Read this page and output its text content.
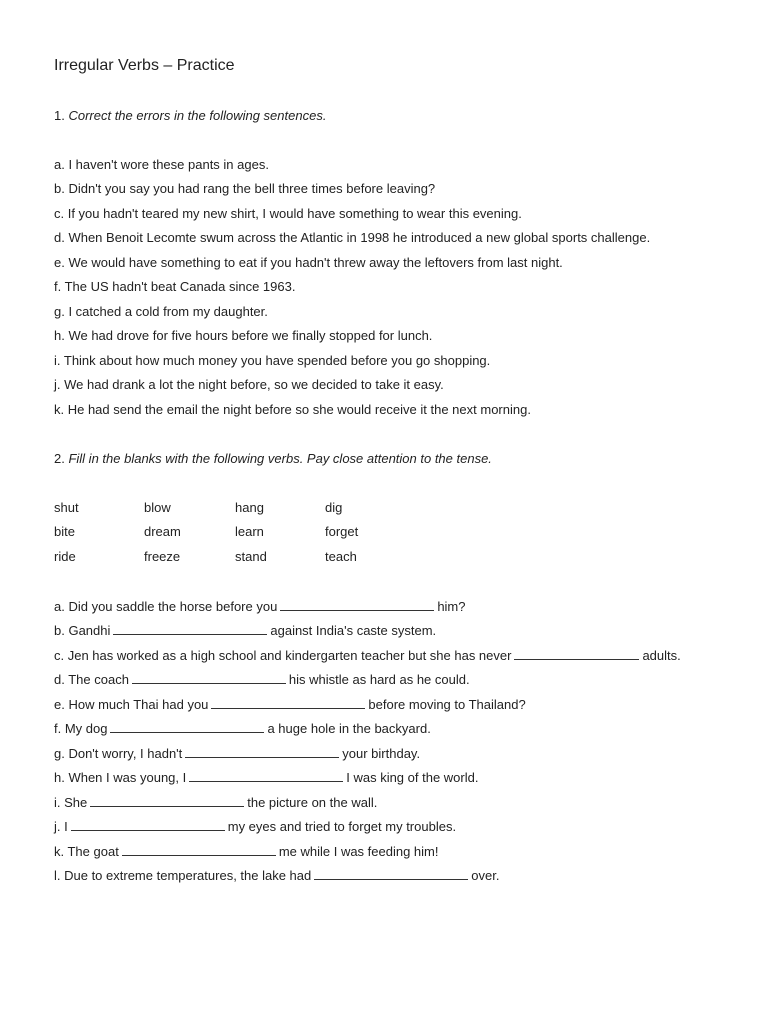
Irregular Verbs – Practice
1. Correct the errors in the following sentences.
a. I haven't wore these pants in ages.
b. Didn't you say you had rang the bell three times before leaving?
c. If you hadn't teared my new shirt, I would have something to wear this evening.
d. When Benoit Lecomte swum across the Atlantic in 1998 he introduced a new global sports challenge.
e. We would have something to eat if you hadn't threw away the leftovers from last night.
f. The US hadn't beat Canada since 1963.
g. I catched a cold from my daughter.
h. We had drove for five hours before we finally stopped for lunch.
i. Think about how much money you have spended before you go shopping.
j. We had drank a lot the night before, so we decided to take it easy.
k. He had send the email the night before so she would receive it the next morning.
2. Fill in the blanks with the following verbs. Pay close attention to the tense.
shut	blow	hang	dig
bite	dream	learn	forget
ride	freeze	stand	teach
a. Did you saddle the horse before you	him?
b. Gandhi	against India's caste system.
c. Jen has worked as a high school and kindergarten teacher but she has never	adults.
d. The coach	his whistle as hard as he could.
e. How much Thai had you	before moving to Thailand?
f. My dog	a huge hole in the backyard.
g. Don't worry, I hadn't	your birthday.
h. When I was young, I	I was king of the world.
i. She	the picture on the wall.
j. I	my eyes and tried to forget my troubles.
k. The goat	me while I was feeding him!
l. Due to extreme temperatures, the lake had	over.
